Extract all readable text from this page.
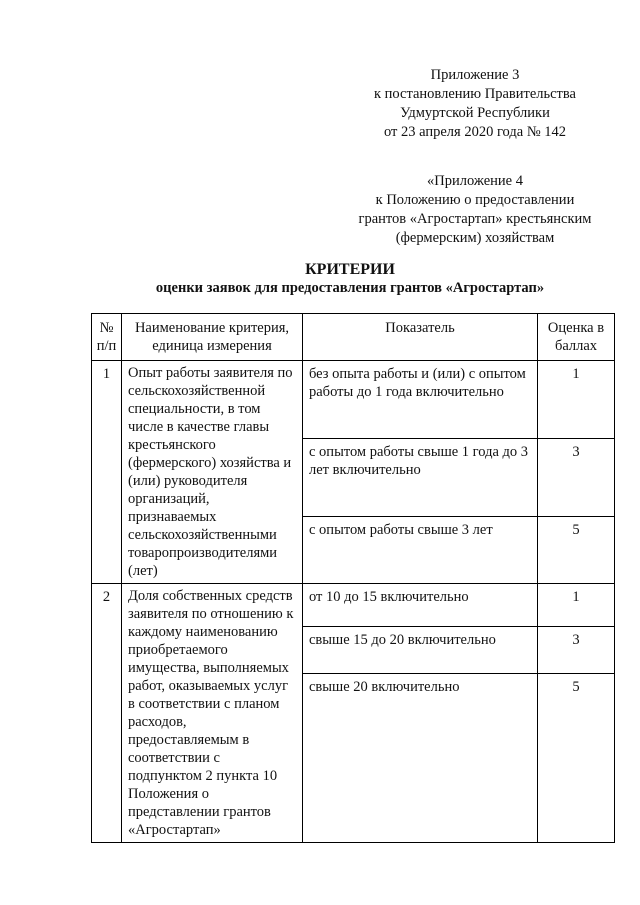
Приложение 3
к постановлению Правительства
Удмуртской Республики
от 23 апреля 2020 года № 142
«Приложение 4
к Положению о предоставлении
грантов «Агростартап» крестьянским
(фермерским) хозяйствам
КРИТЕРИИ
оценки заявок для предоставления грантов «Агростартап»
№ п/п	Наименование критерия, единица измерения	Показатель	Оценка в баллах
1	Опыт работы заявителя по сельскохозяйственной специальности, в том числе в качестве главы крестьянского (фермерского) хозяйства и (или) руководителя организаций, признаваемых сельскохозяйственными товаропроизводителями (лет)	без опыта работы и (или) с опытом работы до 1 года включительно	1
		с опытом работы свыше 1 года до 3 лет включительно	3
		с опытом работы свыше 3 лет	5
2	Доля собственных средств заявителя по отношению к каждому наименованию приобретаемого имущества, выполняемых работ, оказываемых услуг в соответствии с планом расходов, предоставляемым в соответствии с подпунктом 2 пункта 10 Положения о представлении грантов «Агростартап»	от 10 до 15 включительно	1
		свыше 15 до 20 включительно	3
		свыше 20 включительно	5
